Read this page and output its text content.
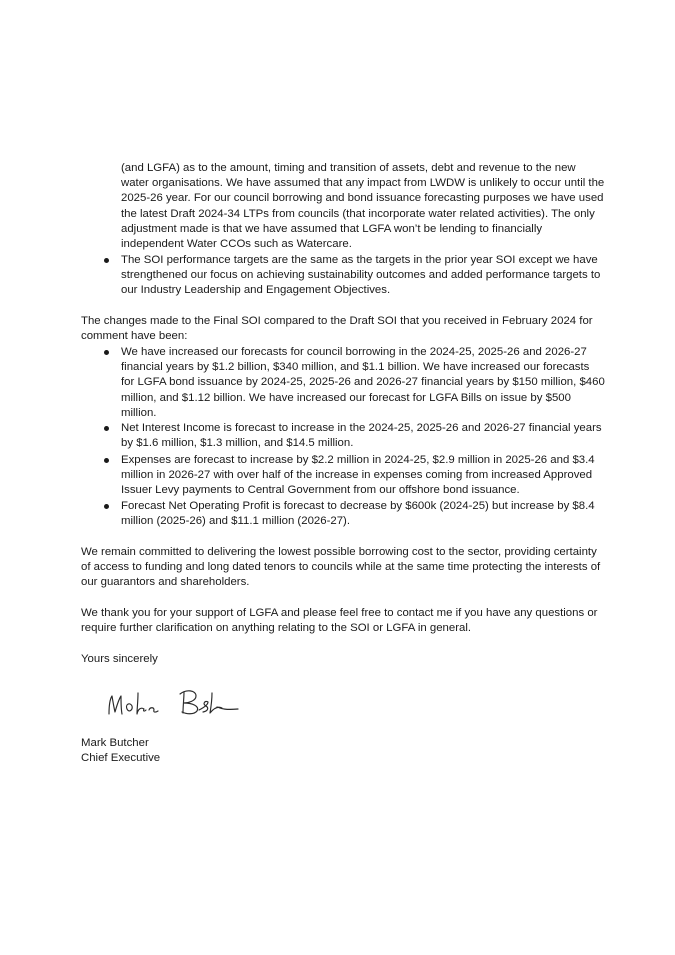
(and LGFA) as to the amount, timing and transition of assets, debt and revenue to the new water organisations. We have assumed that any impact from LWDW is unlikely to occur until the 2025-26 year. For our council borrowing and bond issuance forecasting purposes we have used the latest Draft 2024-34 LTPs from councils (that incorporate water related activities). The only adjustment made is that we have assumed that LGFA won’t be lending to financially independent Water CCOs such as Watercare.

The SOI performance targets are the same as the targets in the prior year SOI except we have strengthened our focus on achieving sustainability outcomes and added performance targets to our Industry Leadership and Engagement Objectives.

The changes made to the Final SOI compared to the Draft SOI that you received in February 2024 for comment have been:

We have increased our forecasts for council borrowing in the 2024-25, 2025-26 and 2026-27 financial years by $1.2 billion, $340 million, and $1.1 billion. We have increased our forecasts for LGFA bond issuance by 2024-25, 2025-26 and 2026-27 financial years by $150 million, $460 million, and $1.12 billion. We have increased our forecast for LGFA Bills on issue by $500 million.

Net Interest Income is forecast to increase in the 2024-25, 2025-26 and 2026-27 financial years by $1.6 million, $1.3 million, and $14.5 million.

Expenses are forecast to increase by $2.2 million in 2024-25, $2.9 million in 2025-26 and $3.4 million in 2026-27 with over half of the increase in expenses coming from increased Approved Issuer Levy payments to Central Government from our offshore bond issuance.

Forecast Net Operating Profit is forecast to decrease by $600k (2024-25) but increase by $8.4 million (2025-26) and $11.1 million (2026-27).

We remain committed to delivering the lowest possible borrowing cost to the sector, providing certainty of access to funding and long dated tenors to councils while at the same time protecting the interests of our guarantors and shareholders.

We thank you for your support of LGFA and please feel free to contact me if you have any questions or require further clarification on anything relating to the SOI or LGFA in general.

Yours sincerely

Mark Butcher

Mark Butcher

Chief Executive
